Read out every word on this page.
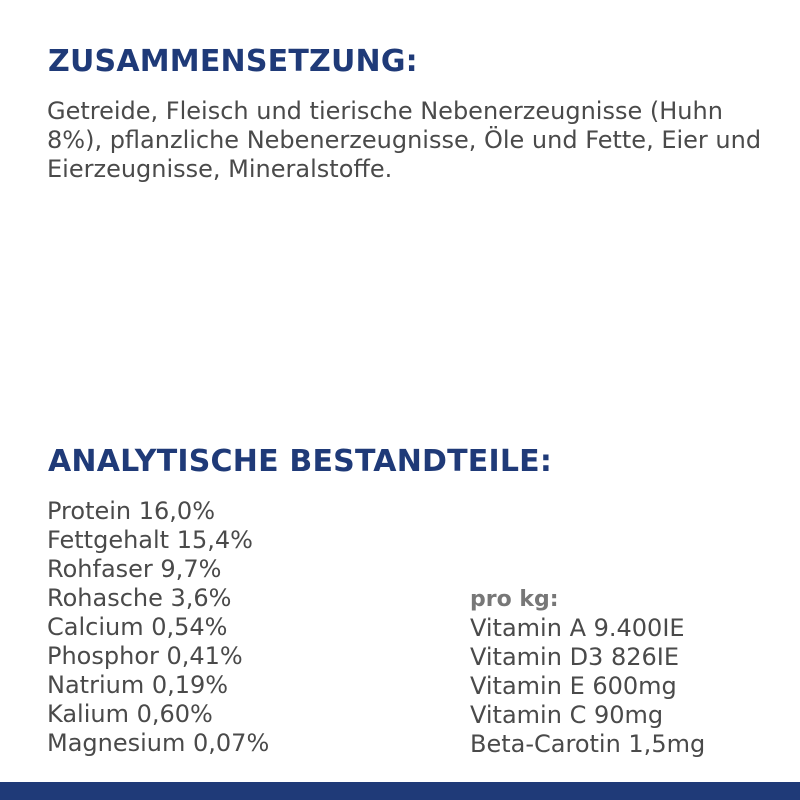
ZUSAMMENSETZUNG:

Getreide, Fleisch und tierische Nebenerzeugnisse (Huhn 8%), pflanzliche Nebenerzeugnisse, Öle und Fette, Eier und Eierzeugnisse, Mineralstoffe.

ANALYTISCHE BESTANDTEILE:
Protein 16,0%
Fettgehalt 15,4%
Rohfaser 9,7%
Rohasche 3,6%
Calcium 0,54%
Phosphor 0,41%
Natrium 0,19%
Kalium 0,60%
Magnesium 0,07%
pro kg:
Vitamin A 9.400IE
Vitamin D3 826IE
Vitamin E 600mg
Vitamin C 90mg
Beta-Carotin 1,5mg
